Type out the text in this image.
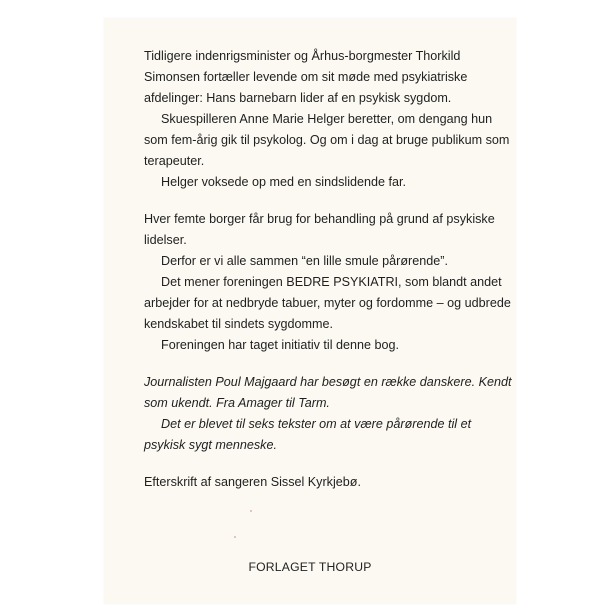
Tidligere indenrigsminister og Århus-borgmester Thorkild Simonsen fortæller levende om sit møde med psykiatriske afdelinger: Hans barnebarn lider af en psykisk sygdom.

Skuespilleren Anne Marie Helger beretter, om dengang hun som fem-årig gik til psykolog. Og om i dag at bruge publikum som terapeuter.

Helger voksede op med en sindslidende far.

Hver femte borger får brug for behandling på grund af psykiske lidelser.

Derfor er vi alle sammen “en lille smule pårørende”.

Det mener foreningen BEDRE PSYKIATRI, som blandt andet arbejder for at nedbryde tabuer, myter og fordomme – og udbrede kendskabet til sindets sygdomme.

Foreningen har taget initiativ til denne bog.

Journalisten Poul Majgaard har besøgt en række danskere. Kendt som ukendt. Fra Amager til Tarm.

Det er blevet til seks tekster om at være pårørende til et psykisk sygt menneske.

Efterskrift af sangeren Sissel Kyrkjebø.

FORLAGET THORUP
